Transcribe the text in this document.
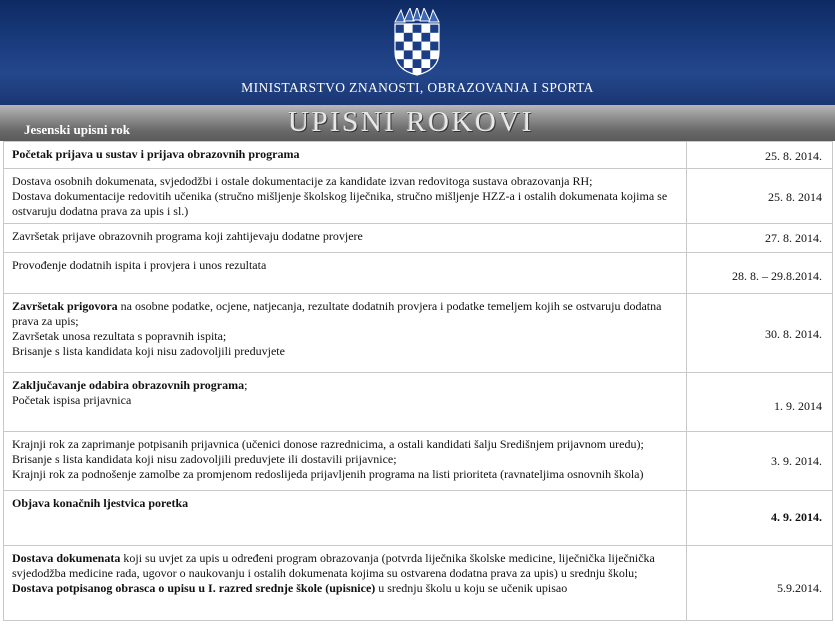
MINISTARSTVO ZNANOSTI, OBRAZOVANJA I SPORTA
Jesenski upisni rok	UPISNI ROKOVI
Početak prijava u sustav i prijava obrazovnih programa	25. 8. 2014.

Dostava osobnih dokumenata, svjedodžbi i ostale dokumentacije za kandidate izvan redovitoga sustava obrazovanja RH;
Dostava dokumentacije redovitih učenika (stručno mišljenje školskog liječnika, stručno mišljenje HZZ-a i ostalih dokumenata kojima se ostvaruju dodatna prava za upis i sl.)	25. 8. 2014

Završetak prijave obrazovnih programa koji zahtijevaju dodatne provjere	27. 8. 2014.

Provođenje dodatnih ispita i provjera i unos rezultata	28. 8. – 29.8.2014.

Završetak prigovora na osobne podatke, ocjene, natjecanja, rezultate dodatnih provjera i podatke temeljem kojih se ostvaruju dodatna prava za upis;
Završetak unosa rezultata s popravnih ispita;
Brisanje s lista kandidata koji nisu zadovoljili preduvjete	30. 8. 2014.

Zaključavanje odabira obrazovnih programa;
Početak ispisa prijavnica	1. 9. 2014

Krajnji rok za zaprimanje potpisanih prijavnica (učenici donose razrednicima, a ostali kandidati šalju Središnjem prijavnom uredu);
Brisanje s lista kandidata koji nisu zadovoljili preduvjete ili dostavili prijavnice;
Krajnji rok za podnošenje zamolbe za promjenom redoslijeda prijavljenih programa na listi prioriteta (ravnateljima osnovnih škola)	3. 9. 2014.

Objava konačnih ljestvica poretka	4. 9. 2014.

Dostava dokumenata koji su uvjet za upis u određeni program obrazovanja (potvrda liječnika školske medicine, liječnička liječnička svjedodžba medicine rada, ugovor o naukovanju i ostalih dokumenata kojima su ostvarena dodatna prava za upis) u srednju školu;
Dostava potpisanog obrasca o upisu u I. razred srednje škole (upisnice) u srednju školu u koju se učenik upisao	5.9.2014.
